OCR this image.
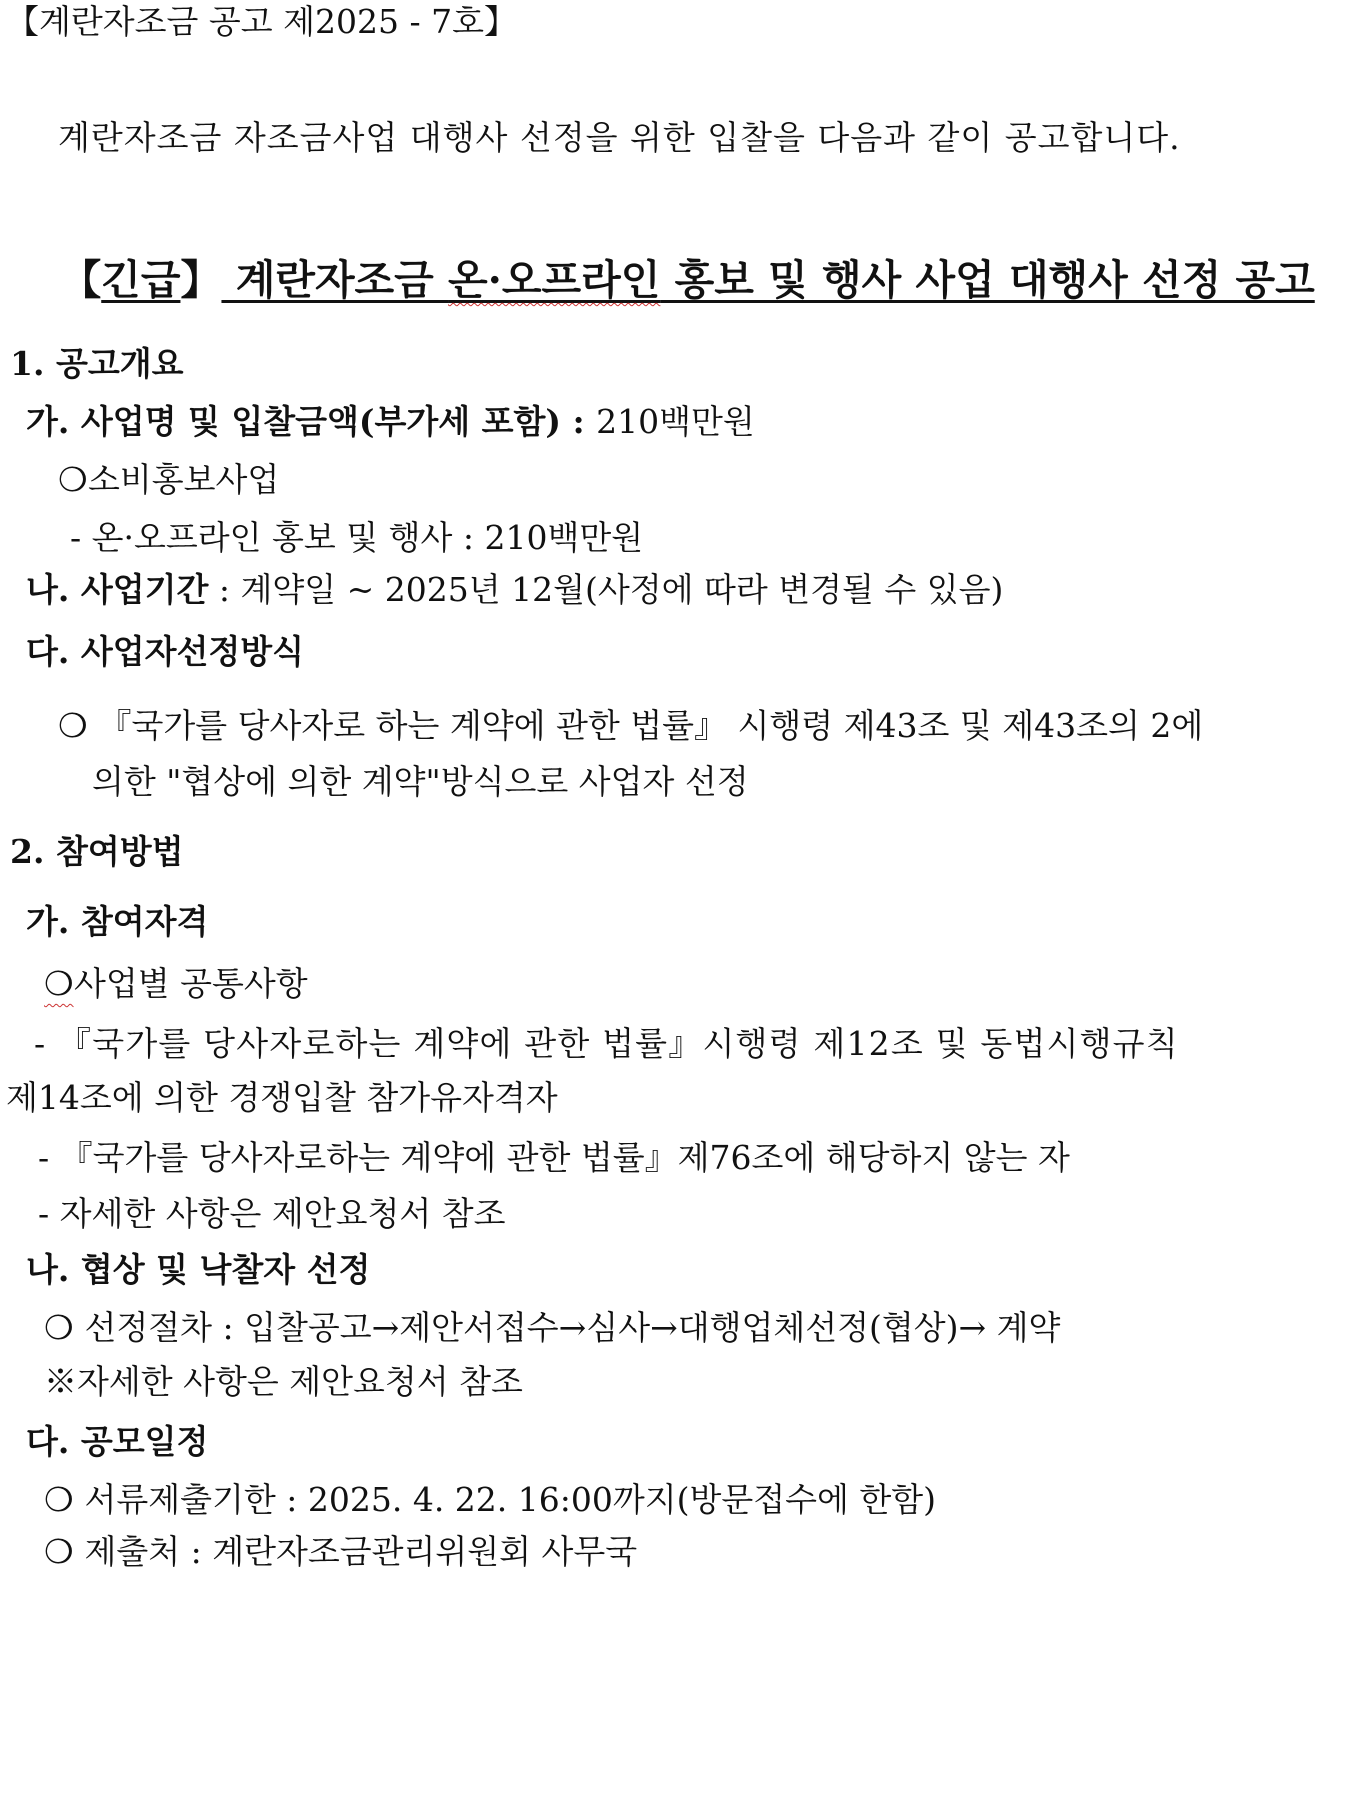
【계란자조금 공고 제2025 - 7호】
계란자조금 자조금사업 대행사 선정을 위한 입찰을 다음과 같이 공고합니다.
【긴급】 계란자조금 온·오프라인 홍보 및 행사 사업 대행사 선정 공고
1. 공고개요
가. 사업명 및 입찰금액(부가세 포함) : 210백만원
❍소비홍보사업
- 온·오프라인 홍보 및 행사 : 210백만원
나. 사업기간 : 계약일 ~ 2025년 12월(사정에 따라 변경될 수 있음)
다. 사업자선정방식
❍ 『국가를 당사자로 하는 계약에 관한 법률』 시행령 제43조 및 제43조의 2에
의한 "협상에 의한 계약"방식으로 사업자 선정
2. 참여방법
가. 참여자격
❍사업별 공통사항
- 『국가를 당사자로하는 계약에 관한 법률』시행령 제12조 및 동법시행규칙
제14조에 의한 경쟁입찰 참가유자격자
- 『국가를 당사자로하는 계약에 관한 법률』제76조에 해당하지 않는 자
- 자세한 사항은 제안요청서 참조
나. 협상 및 낙찰자 선정
❍ 선정절차 : 입찰공고→제안서접수→심사→대행업체선정(협상)→ 계약
※자세한 사항은 제안요청서 참조
다. 공모일정
❍ 서류제출기한 : 2025. 4. 22. 16:00까지(방문접수에 한함)
❍ 제출처 : 계란자조금관리위원회 사무국
